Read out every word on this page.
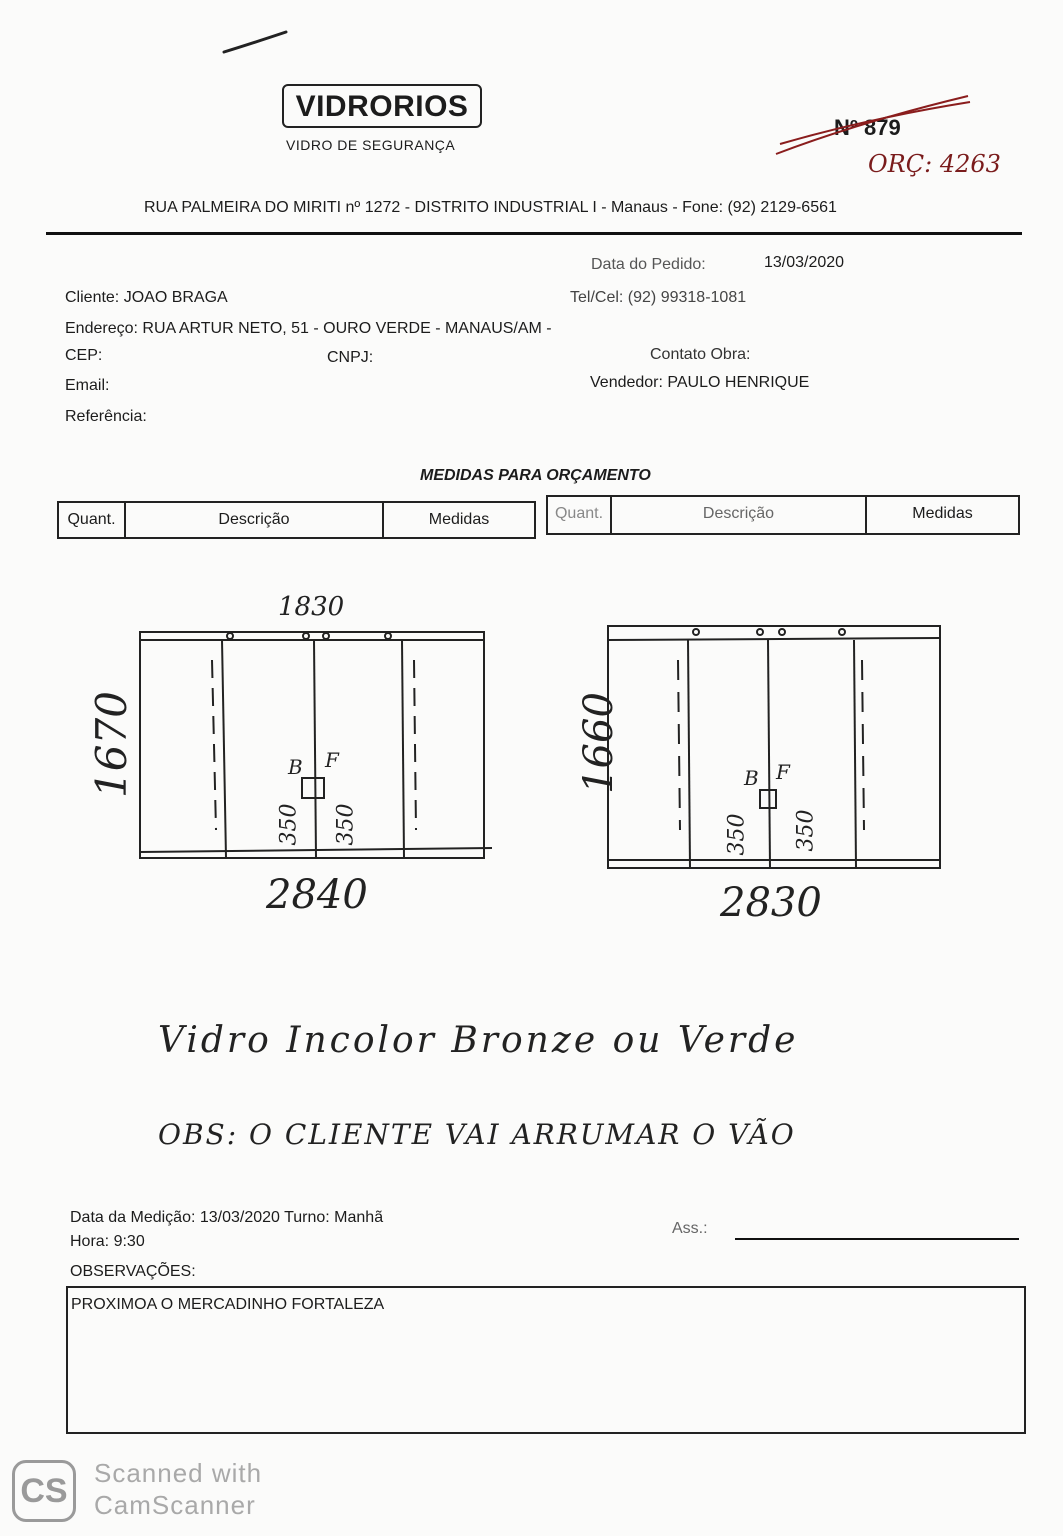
VIDRORIOS
VIDRO DE SEGURANÇA
Nº 879
ORÇ: 4263
RUA PALMEIRA DO MIRITI nº 1272 - DISTRITO INDUSTRIAL I - Manaus - Fone: (92) 2129-6561
Data do Pedido:	13/03/2020
Cliente: JOAO BRAGA	Tel/Cel: (92) 99318-1081
Endereço: RUA ARTUR NETO, 51 - OURO VERDE - MANAUS/AM -
CEP:	CNPJ:	Contato Obra:
Email:	Vendedor: PAULO HENRIQUE
Referência:
MEDIDAS PARA ORÇAMENTO
Quant.	Descrição	Medidas	Quant.	Descrição	Medidas
1830
1670
2840
B F
350 350
1660
2830
B F
350 350
Vidro Incolor Bronze ou Verde
OBS: O CLIENTE VAI ARRUMAR O VÃO
Data da Medição: 13/03/2020 Turno: Manhã
Hora: 9:30
Ass.:
OBSERVAÇÕES:
PROXIMOA O MERCADINHO FORTALEZA
CS	Scanned with
CamScanner
